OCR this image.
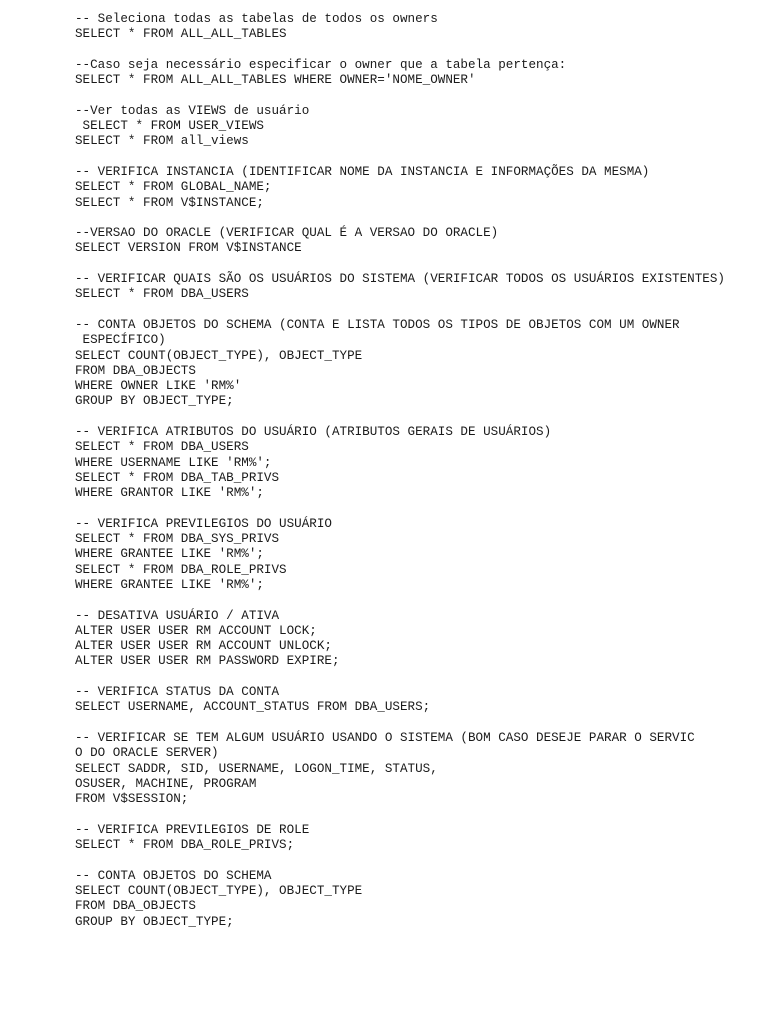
-- Seleciona todas as tabelas de todos os owners
SELECT * FROM ALL_ALL_TABLES
--Caso seja necessário especificar o owner que a tabela pertença:
SELECT * FROM ALL_ALL_TABLES WHERE OWNER='NOME_OWNER'
--Ver todas as VIEWS de usuário
SELECT * FROM USER_VIEWS
SELECT * FROM all_views
-- VERIFICA INSTANCIA (IDENTIFICAR NOME DA INSTANCIA E INFORMAÇÕES DA MESMA)
SELECT * FROM GLOBAL_NAME;
SELECT * FROM V$INSTANCE;
--VERSAO DO ORACLE (VERIFICAR QUAL É A VERSAO DO ORACLE)
SELECT VERSION FROM V$INSTANCE
-- VERIFICAR QUAIS SÃO OS USUÁRIOS DO SISTEMA (VERIFICAR TODOS OS USUÁRIOS EXISTENTES)
SELECT * FROM DBA_USERS
-- CONTA OBJETOS DO SCHEMA (CONTA E LISTA TODOS OS TIPOS DE OBJETOS COM UM OWNER
ESPECÍFICO)
SELECT COUNT(OBJECT_TYPE), OBJECT_TYPE
FROM DBA_OBJECTS
WHERE OWNER LIKE 'RM%'
GROUP BY OBJECT_TYPE;
-- VERIFICA ATRIBUTOS DO USUÁRIO (ATRIBUTOS GERAIS DE USUÁRIOS)
SELECT * FROM DBA_USERS
WHERE USERNAME LIKE 'RM%';
SELECT * FROM DBA_TAB_PRIVS
WHERE GRANTOR LIKE 'RM%';
-- VERIFICA PREVILEGIOS DO USUÁRIO
SELECT * FROM DBA_SYS_PRIVS
WHERE GRANTEE LIKE 'RM%';
SELECT * FROM DBA_ROLE_PRIVS
WHERE GRANTEE LIKE 'RM%';
-- DESATIVA USUÁRIO / ATIVA
ALTER USER USER RM ACCOUNT LOCK;
ALTER USER USER RM ACCOUNT UNLOCK;
ALTER USER USER RM PASSWORD EXPIRE;
-- VERIFICA STATUS DA CONTA
SELECT USERNAME, ACCOUNT_STATUS FROM DBA_USERS;
-- VERIFICAR SE TEM ALGUM USUÁRIO USANDO O SISTEMA (BOM CASO DESEJE PARAR O SERVIC
O DO ORACLE SERVER)
SELECT SADDR, SID, USERNAME, LOGON_TIME, STATUS,
OSUSER, MACHINE, PROGRAM
FROM V$SESSION;
-- VERIFICA PREVILEGIOS DE ROLE
SELECT * FROM DBA_ROLE_PRIVS;
-- CONTA OBJETOS DO SCHEMA
SELECT COUNT(OBJECT_TYPE), OBJECT_TYPE
FROM DBA_OBJECTS
GROUP BY OBJECT_TYPE;
